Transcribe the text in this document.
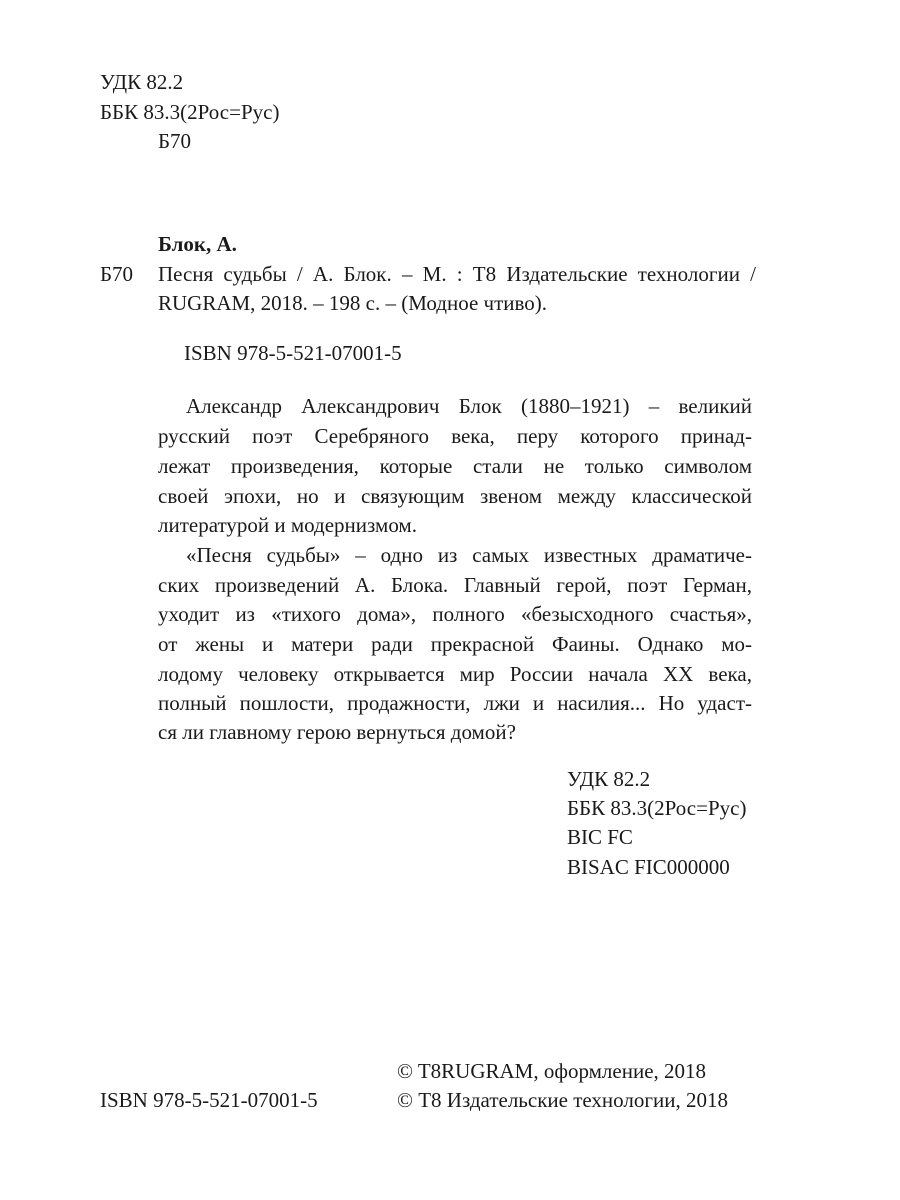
УДК 82.2
ББК 83.3(2Рос=Рус)
Б70
Блок, А.
Б70 Песня судьбы / А. Блок. – М. : Т8 Издательские технологии /
RUGRAM, 2018. – 198 с. – (Модное чтиво).
ISBN 978-5-521-07001-5
Александр Александрович Блок (1880–1921) – великий
русский поэт Серебряного века, перу которого принад-
лежат произведения, которые стали не только символом
своей эпохи, но и связующим звеном между классической
литературой и модернизмом.
«Песня судьбы» – одно из самых известных драматиче-
ских произведений А. Блока. Главный герой, поэт Герман,
уходит из «тихого дома», полного «безысходного счастья»,
от жены и матери ради прекрасной Фаины. Однако мо-
лодому человеку открывается мир России начала XX века,
полный пошлости, продажности, лжи и насилия... Но удаст-
ся ли главному герою вернуться домой?
УДК 82.2
ББК 83.3(2Рос=Рус)
BIC FC
BISAC FIC000000
© T8RUGRAM, оформление, 2018
ISBN 978-5-521-07001-5	© Т8 Издательские технологии, 2018
